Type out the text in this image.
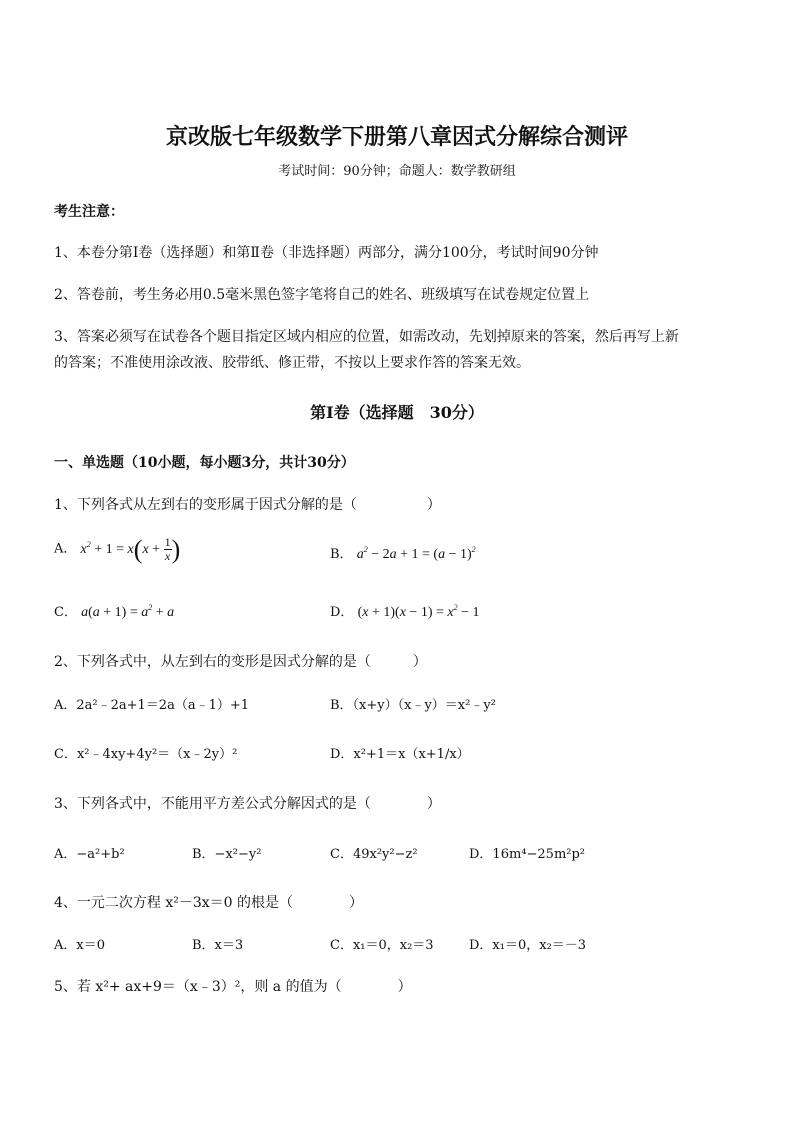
京改版七年级数学下册第八章因式分解综合测评
考试时间：90分钟；命题人：数学教研组
考生注意：
1、本卷分第Ⅰ卷（选择题）和第Ⅱ卷（非选择题）两部分，满分100分，考试时间90分钟
2、答卷前，考生务必用0.5毫米黑色签字笔将自己的姓名、班级填写在试卷规定位置上
3、答案必须写在试卷各个题目指定区域内相应的位置，如需改动，先划掉原来的答案，然后再写上新
的答案；不准使用涂改液、胶带纸、修正带，不按以上要求作答的答案无效。
第Ⅰ卷（选择题　30分）
一、单选题（10小题，每小题3分，共计30分）
1、下列各式从左到右的变形属于因式分解的是（　　　　　）
A． $x^2 + 1 = x(x + \frac{1}{x}$ )	B． $a^2 - 2a + 1 = (a - 1)^2$
C． $a(a + 1) = a^2 + a$	D． $(x + 1)(x - 1) = x^2 - 1$
2、下列各式中，从左到右的变形是因式分解的是（　　　）
A．2a²﹣2a+1＝2a（a﹣1）+1	B．（x+y）（x﹣y）＝x²﹣y²
C．x²﹣4xy+4y²＝（x﹣2y）²	D．x²+1＝x（x+1/x）
3、下列各式中，不能用平方差公式分解因式的是（　　　　）
A．−a²+b²	B．−x²−y²	C．49x²y²−z²	D．16m⁴−25m²p²
4、一元二次方程 x²－3x＝0 的根是（　　　　）
A．x＝0	B．x＝3	C．x₁＝0，x₂＝3	D．x₁＝0，x₂＝－3
5、若 x²+ ax+9＝（x﹣3）²，则 a 的值为（　　　　）
